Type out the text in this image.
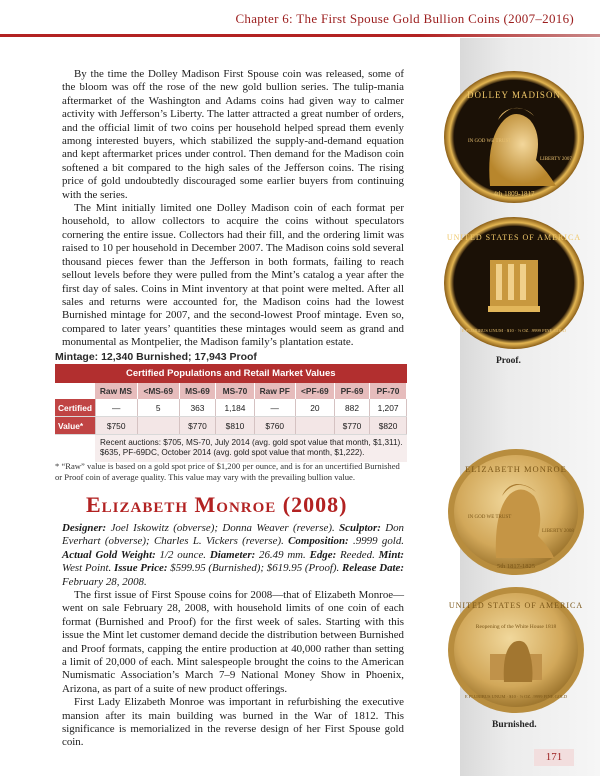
Chapter 6: The First Spouse Gold Bullion Coins (2007–2016)

By the time the Dolley Madison First Spouse coin was released, some of the bloom was off the rose of the new gold bullion series. The tulip-mania aftermarket of the Washington and Adams coins had given way to calmer activity with Jefferson’s Liberty. The latter attracted a great number of orders, and the official limit of two coins per household helped spread them evenly among interested buyers, which stabilized the supply-and-demand equation and kept aftermarket prices under control. Then demand for the Madison coin softened a bit compared to the high sales of the Jefferson coins. The rising price of gold undoubtedly discouraged some earlier buyers from continuing with the series.

The Mint initially limited one Dolley Madison coin of each format per household, to allow collectors to acquire the coins without speculators cornering the entire issue. Collectors had their fill, and the ordering limit was raised to 10 per household in December 2007. The Madison coins sold several thousand pieces fewer than the Jefferson in both formats, failing to reach sellout levels before they were pulled from the Mint’s catalog a year after the first day of sales. Coins in Mint inventory at that point were melted. After all sales and returns were accounted for, the Madison coins had the lowest Burnished mintage for 2007, and the second-lowest Proof mintage. Even so, compared to later years’ quantities these mintages would seem as grand and monumental as Montpelier, the Madison family’s plantation estate.

Mintage: 12,340 Burnished; 17,943 Proof
Certified Populations and Retail Market Values								
	Raw MS	<MS-69	MS-69	MS-70	Raw PF	<PF-69	PF-69	PF-70
Certified	—	5	363	1,184	—	20	882	1,207
Value*	$750		$770	$810	$760		$770	$820
	Recent auctions: $705, MS-70, July 2014 (avg. gold spot value that month, $1,311). $635, PF-69DC, October 2014 (avg. gold spot value that month, $1,222).							
* “Raw” value is based on a gold spot price of $1,200 per ounce, and is for an uncertified Burnished or Proof coin of average quality. This value may vary with the prevailing bullion value.
Elizabeth Monroe (2008)
Designer: Joel Iskowitz (obverse); Donna Weaver (reverse). Sculptor: Don Everhart (obverse); Charles L. Vickers (reverse). Composition: .9999 gold. Actual Gold Weight: 1/2 ounce. Diameter: 26.49 mm. Edge: Reeded. Mint: West Point. Issue Price: $599.95 (Burnished); $619.95 (Proof). Release Date: February 28, 2008.

The first issue of First Spouse coins for 2008—that of Elizabeth Monroe—went on sale February 28, 2008, with household limits of one coin of each format (Burnished and Proof) for the first week of sales. Starting with this issue the Mint let customer demand decide the distribution between Burnished and Proof formats, capping the entire production at 40,000 rather than setting a limit of 20,000 of each. Mint salespeople brought the coins to the American Numismatic Association’s March 7–9 National Money Show in Phoenix, Arizona, as part of a suite of new product offerings.

First Lady Elizabeth Monroe was important in refurbishing the executive mansion after its main building was burned in the War of 1812. This significance is memorialized in the reverse design of her First Spouse gold coin.

DOLLEY MADISON
IN GOD WE TRUST
LIBERTY 2007
4th 1809-1817
UNITED STATES OF AMERICA
E PLURIBUS UNUM · $10 · ½ OZ. .9999 FINE GOLD
Proof.
ELIZABETH MONROE
IN GOD WE TRUST
LIBERTY 2008
5th 1817-1825
UNITED STATES OF AMERICA
Reopening of the White House 1818
E PLURIBUS UNUM · $10 · ½ OZ. .9999 FINE GOLD
Burnished.
171
